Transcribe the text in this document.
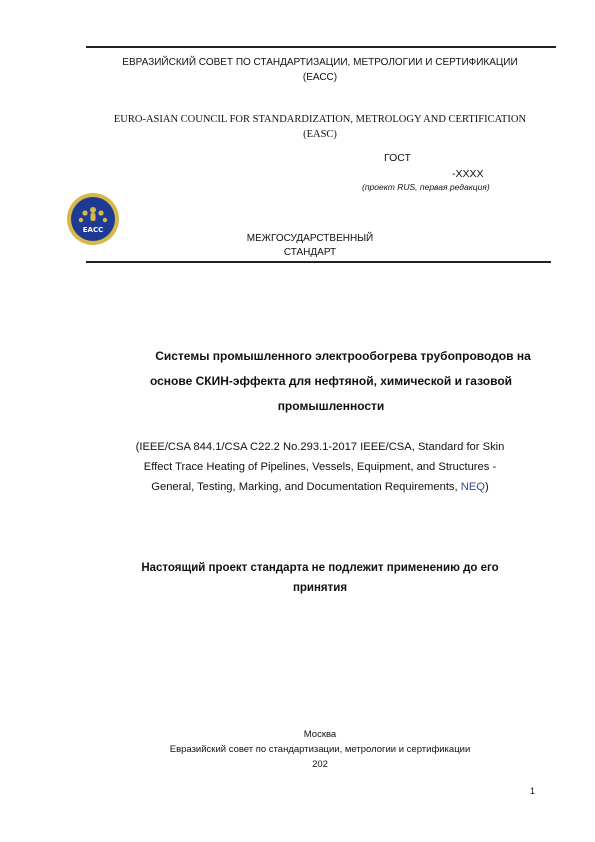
ЕВРАЗИЙСКИЙ СОВЕТ ПО СТАНДАРТИЗАЦИИ, МЕТРОЛОГИИ И СЕРТИФИКАЦИИ
(ЕАСС)
EURO-ASIAN COUNCIL FOR STANDARDIZATION, METROLOGY AND CERTIFICATION
(EASC)
ГОСТ
-XXXX
(проект RUS, первая редакция)
EACC
МЕЖГОСУДАРСТВЕННЫЙ
СТАНДАРТ
Системы промышленного электрообогрева трубопроводов на
основе СКИН-эффекта для нефтяной, химической и газовой
промышленности
(IEEE/CSA 844.1/CSA C22.2 No.293.1-2017 IEEE/CSA, Standard for Skin
Effect Trace Heating of Pipelines, Vessels, Equipment, and Structures -
General, Testing, Marking, and Documentation Requirements, NEQ)
Настоящий проект стандарта не подлежит применению до его
принятия
Москва
Евразийский совет по стандартизации, метрологии и сертификации
202
1
